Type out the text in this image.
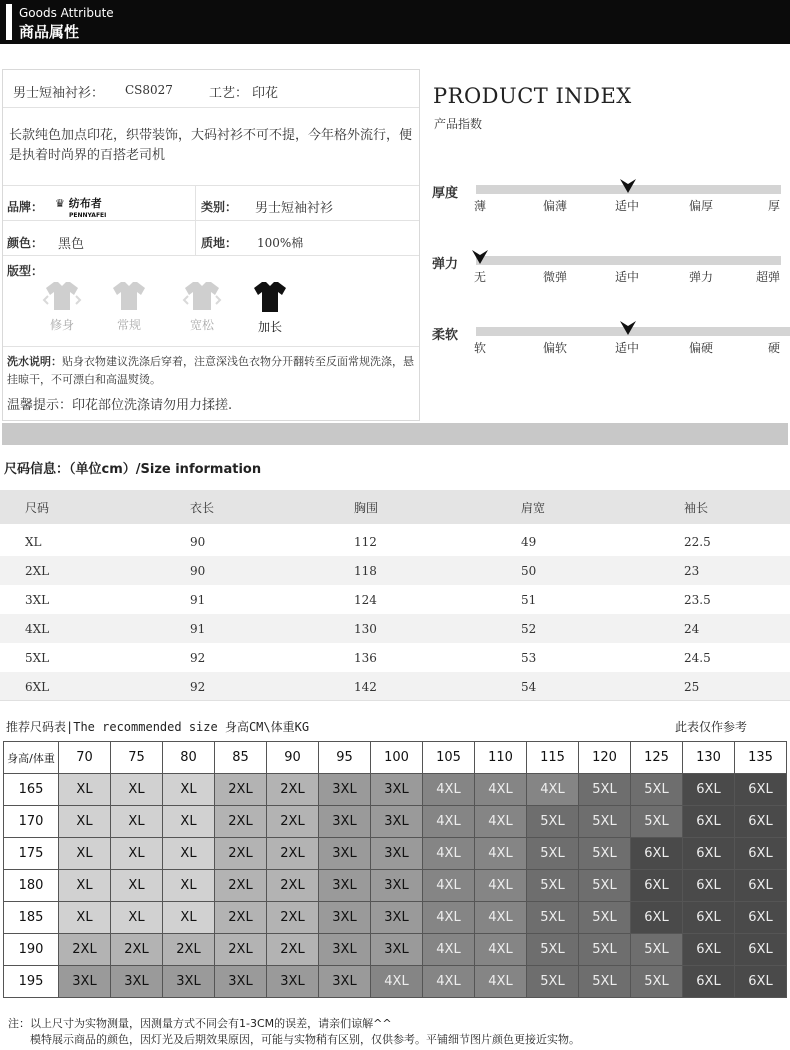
Goods Attribute
商品属性
男士短袖衬衫： CS8027	工艺： 印花
长款纯色加点印花，织带装饰，大码衬衫不可不提，今年格外流行，便是执着时尚界的百搭老司机
品牌： ♛ 纺布者
$^{PENNYAFEI}$
类别： 男士短袖衬衫
颜色： 黑色	质地： 100%棉
版型：
修身	常规	宽松	加长
洗水说明：贴身衣物建议洗涤后穿着，注意深浅色衣物分开翻转至反面常规洗涤，悬挂晾干，不可漂白和高温熨烫。
温馨提示：印花部位洗涤请勿用力揉搓.
PRODUCT INDEX
产品指数
厚度
薄	偏薄	适中	偏厚	厚
弹力
无	微弹	适中	弹力	超弹
柔软
软	偏软	适中	偏硬	硬
尺码信息：（单位cm）/Size information
尺码	衣长	胸围	肩宽	袖长
XL	90	112	49	22.5
2XL	90	118	50	23
3XL	91	124	51	23.5
4XL	91	130	52	24
5XL	92	136	53	24.5
6XL	92	142	54	25
推荐尺码表|The recommended size 身高CM\体重KG	此表仅作参考
身高/体重	70	75	80	85	90	95	100	105	110	115	120	125	130	135
165	XL	XL	XL	2XL	2XL	3XL	3XL	4XL	4XL	4XL	5XL	5XL	6XL	6XL
170	XL	XL	XL	2XL	2XL	3XL	3XL	4XL	4XL	5XL	5XL	5XL	6XL	6XL
175	XL	XL	XL	2XL	2XL	3XL	3XL	4XL	4XL	5XL	5XL	6XL	6XL	6XL
180	XL	XL	XL	2XL	2XL	3XL	3XL	4XL	4XL	5XL	5XL	6XL	6XL	6XL
185	XL	XL	XL	2XL	2XL	3XL	3XL	4XL	4XL	5XL	5XL	6XL	6XL	6XL
190	2XL	2XL	2XL	2XL	2XL	3XL	3XL	4XL	4XL	5XL	5XL	5XL	6XL	6XL
195	3XL	3XL	3XL	3XL	3XL	3XL	4XL	4XL	4XL	5XL	5XL	5XL	6XL	6XL
注：以上尺寸为实物测量，因测量方式不同会有1-3CM的误差，请亲们谅解^^
模特展示商品的颜色，因灯光及后期效果原因，可能与实物稍有区别，仅供参考。平铺细节图片颜色更接近实物。
